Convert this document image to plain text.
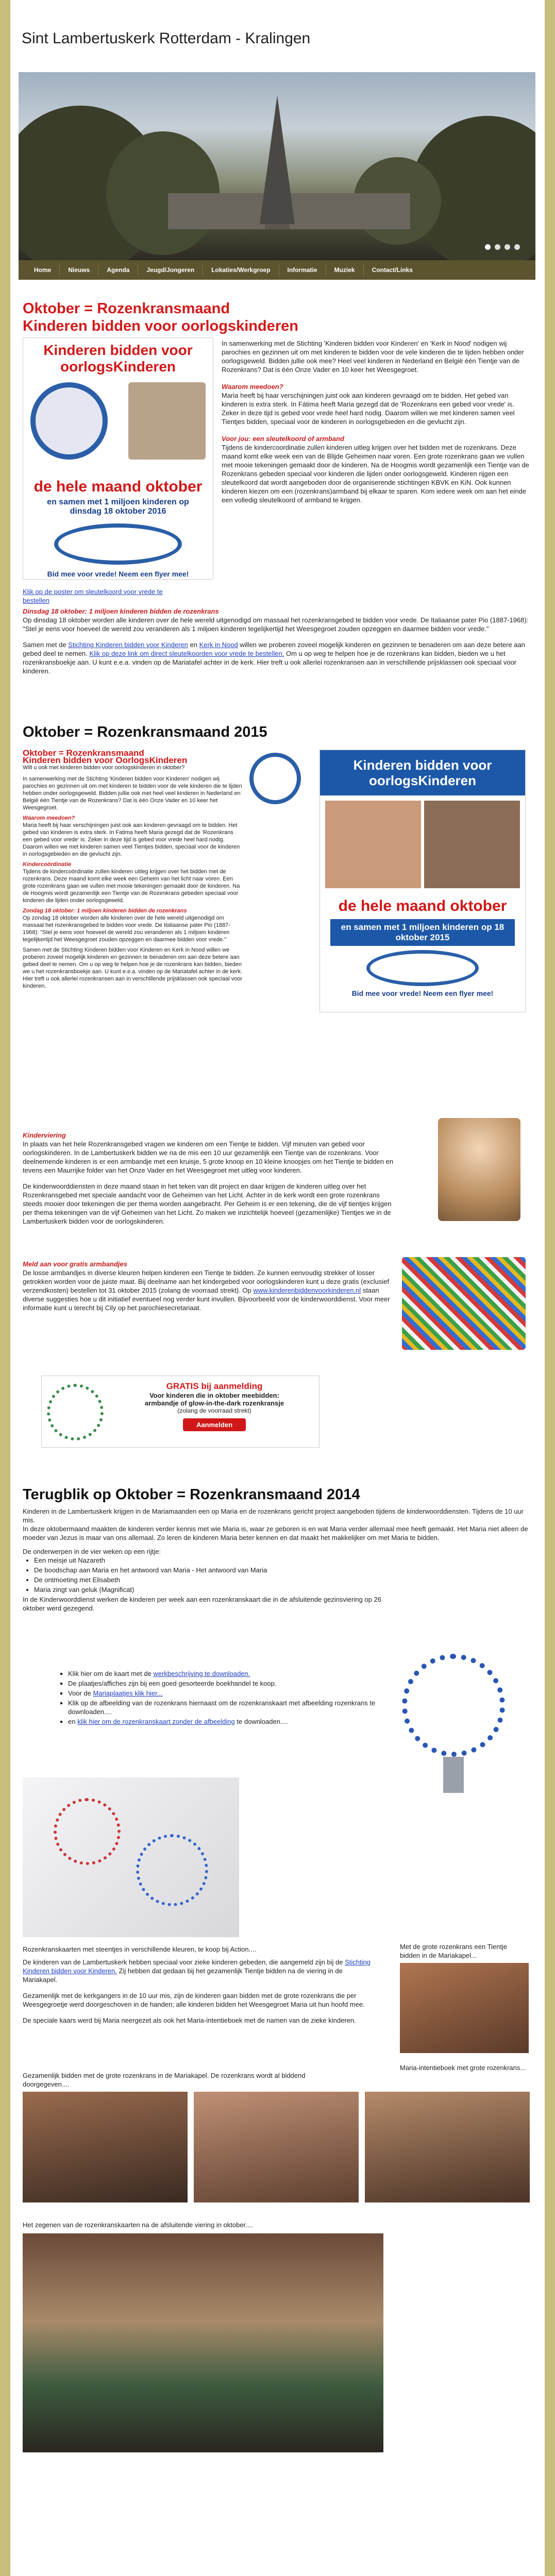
Sint Lambertuskerk Rotterdam - Kralingen
Home	Nieuws	Agenda	Jeugd/Jongeren	Lokaties/Werkgroep	Informatie	Muziek	Contact/Links
Oktober = Rozenkransmaand
Kinderen bidden voor oorlogskinderen
Kinderen bidden voor oorlogsKinderen
de hele maand oktober
en samen met 1 miljoen kinderen op dinsdag 18 oktober 2016
Bid mee voor vrede! Neem een flyer mee!
In samenwerking met de Stichting 'Kinderen bidden voor Kinderen' en 'Kerk in Nood' nodigen wij parochies en gezinnen uit om met kinderen te bidden voor de vele kinderen die te lijden hebben onder oorlogsgeweld. Bidden jullie ook mee? Heel veel kinderen in Nederland en België één Tientje van de Rozenkrans? Dat is één Onze Vader en 10 keer het Weesgegroet.
Waarom meedoen?
Maria heeft bij haar verschijningen juist ook aan kinderen gevraagd om te bidden. Het gebed van kinderen is extra sterk. In Fátima heeft Maria gezegd dat de 'Rozenkrans een gebed voor vrede' is. Zeker in deze tijd is gebed voor vrede heel hard nodig. Daarom willen we met kinderen samen veel Tientjes bidden, speciaal voor de kinderen in oorlogsgebieden en die gevlucht zijn.
Voor jou: een sleutelkoord of armband
Tijdens de kindercoordinatie zullen kinderen uitleg krijgen over het bidden met de rozenkrans. Deze maand komt elke week een van de Blijde Geheimen naar voren. Een grote rozenkrans gaan we vullen met mooie tekeningen gemaakt door de kinderen. Na de Hoogmis wordt gezamenlijk een Tientje van de Rozenkrans gebeden speciaal voor kinderen die lijden onder oorlogsgeweld. Kinderen rijgen een sleutelkoord dat wordt aangeboden door de organiserende stichtingen KBVK en KiN. Ook kunnen kinderen kiezen om een (rozenkrans)armband bij elkaar te sparen. Kom iedere week om aan het einde een volledig sleutelkoord of armband te krijgen.
Klik op de poster om sleutelkoord voor vrede te bestellen
Dinsdag 18 oktober: 1 miljoen kinderen bidden de rozenkrans
Op dinsdag 18 oktober worden alle kinderen over de hele wereld uitgenodigd om massaal het rozenkransgebed te bidden voor vrede. De Italiaanse pater Pio (1887-1968): "Stel je eens voor hoeveel de wereld zou veranderen als 1 miljoen kinderen tegelijkertijd het Weesgegroet zouden opzeggen en daarmee bidden voor vrede."
Samen met de Stichting Kinderen bidden voor Kinderen en Kerk in Nood willen we proberen zoveel mogelijk kinderen en gezinnen te benaderen om aan deze betere aan gebed deel te nemen. Klik op deze link om direct sleutelkoorden voor vrede te bestellen. Om u op weg te helpen hoe je de rozenkrans kan bidden, bieden we u het rozenkransboekje aan. U kunt e.e.a. vinden op de Mariatafel achter in de kerk. Hier treft u ook allerlei rozenkransen aan in verschillende prijsklassen ook speciaal voor kinderen.
Oktober = Rozenkransmaand 2015
Oktober = Rozenkransmaand
Kinderen bidden voor OorlogsKinderen
Wilt u ook met kinderen bidden voor oorlogskinderen in oktober?
In samenwerking met de Stichting 'Kinderen bidden voor Kinderen' nodigen wij parochies en gezinnen uit om met kinderen te bidden voor de vele kinderen die te lijden hebben onder oorlogsgeweld. Bidden jullie ook met heel veel kinderen in Nederland en België één Tientje van de Rozenkrans? Dat is één Onze Vader en 10 keer het Weesgegroet.
Waarom meedoen?
Maria heeft bij haar verschijningen juist ook aan kinderen gevraagd om te bidden. Het gebed van kinderen is extra sterk. In Fatima heeft Maria gezegd dat de 'Rozenkrans een gebed voor vrede' is. Zeker in deze tijd is gebed voor vrede heel hard nodig. Daarom willen we met kinderen samen veel Tientjes bidden, speciaal voor de kinderen in oorlogsgebieden en die gevlucht zijn.
Kindercoördinatie
Tijdens de kindercoördinatie zullen kinderen uitleg krijgen over het bidden met de rozenkrans. Deze maand komt elke week een Geheim van het licht naar voren. Een grote rozenkrans gaan we vullen met mooie tekeningen gemaakt door de kinderen. Na de Hoogmis wordt gezamenlijk een Tientje van de Rozenkrans gebeden speciaal voor kinderen die lijden onder oorlogsgeweld.
Zondag 18 oktober: 1 miljoen kinderen bidden de rozenkrans
Op zondag 18 oktober worden alle kinderen over de hele wereld uitgenodigd om massaal het rozenkransgebed te bidden voor vrede. De Italiaanse pater Pio (1887-1968): "Stel je eens voor hoeveel de wereld zou veranderen als 1 miljoen kinderen tegelijkertijd het Weesgegroet zouden opzeggen en daarmee bidden voor vrede."
Samen met de Stichting Kinderen bidden voor Kinderen en Kerk in Nood willen we proberen zoveel mogelijk kinderen en gezinnen te benaderen om aan deze betere aan gebed deel te nemen. Om u op weg te helpen hoe je de rozenkrans kan bidden, bieden we u het rozenkransboekje aan. U kunt e.e.a. vinden op de Mariatafel achter in de kerk. Hier treft u ook allerlei rozenkransen aan in verschillende prijsklassen ook speciaal voor kinderen.
Kinderen bidden voor oorlogsKinderen
de hele maand oktober
en samen met 1 miljoen kinderen op 18 oktober 2015
Bid mee voor vrede! Neem een flyer mee!
Kinderviering
In plaats van het hele Rozenkransgebed vragen we kinderen om een Tientje te bidden. Vijf minuten van gebed voor oorlogskinderen. In de Lambertuskerk bidden we na de mis een 10 uur gezamenlijk een Tientje van de rozenkrans. Voor deelnemende kinderen is er een armbandje met een kruisje, 5 grote knoop en 10 kleine knoopjes om het Tientje te bidden en tevens een Maurrijke folder van het Onze Vader en het Weesgegroet met uitleg voor kinderen.
De kinderwoorddiensten in deze maand staan in het teken van dit project en daar krijgen de kinderen uitleg over het Rozenkransgebed met speciale aandacht voor de Geheimen van het Licht. Achter in de kerk wordt een grote rozenkrans steeds mooier door tekeningen die per thema worden aangebracht. Per Geheim is er een tekening, die de vijf tientjes krijgen per thema tekeningen van de vijf Geheimen van het Licht. Zo maken we inzichtelijk hoeveel (gezamenlijke) Tientjes we in de Lambertuskerk bidden voor de oorlogskinderen.
Meld aan voor gratis armbandjes
De losse armbandjes in diverse kleuren helpen kinderen een Tientje te bidden. Ze kunnen eenvoudig strekker of losser getrokken worden voor de juiste maat. Bij deelname aan het kindergebed voor oorlogskinderen kunt u deze gratis (exclusief verzendkosten) bestellen tot 31 oktober 2015 (zolang de voorraad strekt). Op www.kinderenbiddenvoorkinderen.nl staan diverse suggesties hoe u dit initiatief eventueel nog verder kunt invullen. Bijvoorbeeld voor de kinderwoorddienst. Voor meer informatie kunt u terecht bij Cily op het parochiesecretariaat.
GRATIS bij aanmelding
Voor kinderen die in oktober meebidden:
armbandje of glow-in-the-dark rozenkransje
(zolang de voorraad strekt)
Aanmelden
Terugblik op Oktober = Rozenkransmaand 2014
Kinderen in de Lambertuskerk krijgen in de Mariamaanden een op Maria en de rozenkrans gericht project aangeboden tijdens de kinderwoorddiensten. Tijdens de 10 uur mis.
In deze oktobermaand maakten de kinderen verder kennis met wie Maria is, waar ze geboren is en wat Maria verder allemaal mee heeft gemaakt. Het Maria niet alleen de moeder van Jezus is maar van ons allemaal. Zo leren de kinderen Maria beter kennen en dat maakt het makkelijker om met Maria te bidden.
De onderwerpen in de vier weken op een rijtje:
• Een meisje uit Nazareth
• De boodschap aan Maria en het antwoord van Maria - Het antwoord van Maria
• De ontmoeting met Elisabeth
• Maria zingt van geluk (Magnificat)
In de Kinderwoorddienst werken de kinderen per week aan een rozenkranskaart die in de afsluitende gezinsviering op 26 oktober werd gezegend.
▪ Klik hier om de kaart met de werkbeschrijving te downloaden.
▪ De plaatjes/affiches zijn bij een goed gesorteerde boekhandel te koop.
▪ Voor de Mariaplaatjes klik hier...
▪ Klik op de afbeelding van de rozenkrans hiernaast om de rozenkranskaart met afbeelding rozenkrans te downloaden....
▪ en klik hier om de rozenkranskaart zonder de afbeelding te downloaden....
Rozenkranskaarten met steentjes in verschillende kleuren, te koop bij Action....
De kinderen van de Lambertuskerk hebben speciaal voor zieke kinderen gebeden, die aangemeld zijn bij de Stichting Kinderen bidden voor Kinderen. Zij hebben dat gedaan bij het gezamenlijk Tientje bidden na de viering in de Mariakapel.
Gezamenlijk met de kerkgangers in de 10 uur mis, zijn de kinderen gaan bidden met de grote rozenkrans die per Weesgegroetje werd doorgeschoven in de handen; alle kinderen bidden het Weesgegroet Maria uit hun hoofd mee.
De speciale kaars werd bij Maria neergezet als ook het Maria-intentieboek met de namen van de zieke kinderen.
Met de grote rozenkrans een Tientje bidden in de Mariakapel...
Maria-intentieboek met grote rozenkrans...
Gezamenlijk bidden met de grote rozenkrans in de Mariakapel. De rozenkrans wordt al biddend doorgegeven....
Het zegenen van de rozenkranskaarten na de afsluitende viering in oktober....
